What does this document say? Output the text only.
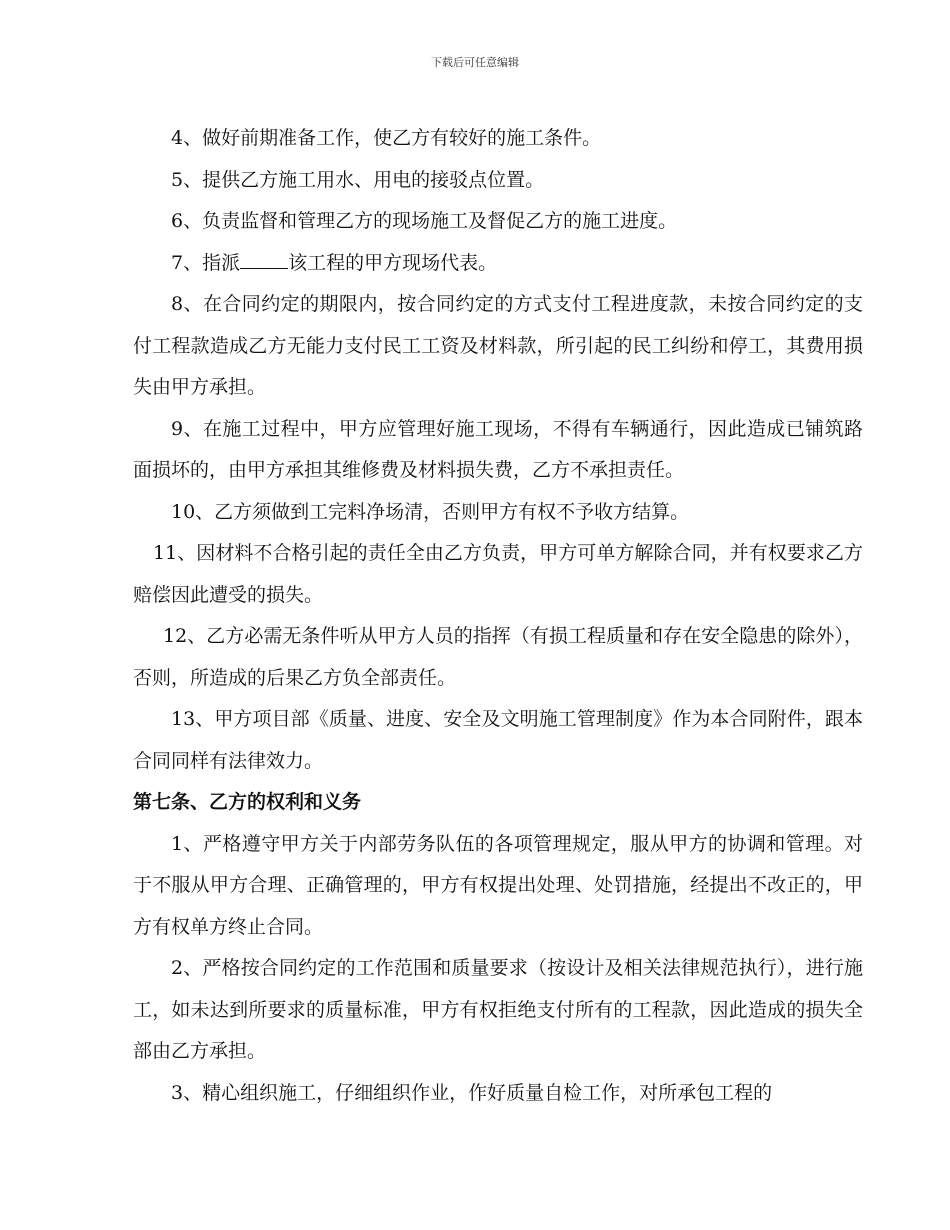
下载后可任意编辑

4、做好前期准备工作，使乙方有较好的施工条件。

5、提供乙方施工用水、用电的接驳点位置。

6、负责监督和管理乙方的现场施工及督促乙方的施工进度。

7、指派	该工程的甲方现场代表。

8、在合同约定的期限内，按合同约定的方式支付工程进度款，未按合同约定的支付工程款造成乙方无能力支付民工工资及材料款，所引起的民工纠纷和停工，其费用损失由甲方承担。

9、在施工过程中，甲方应管理好施工现场，不得有车辆通行，因此造成已铺筑路面损坏的，由甲方承担其维修费及材料损失费，乙方不承担责任。

10、乙方须做到工完料净场清，否则甲方有权不予收方结算。

11、因材料不合格引起的责任全由乙方负责，甲方可单方解除合同，并有权要求乙方赔偿因此遭受的损失。

12、乙方必需无条件听从甲方人员的指挥（有损工程质量和存在安全隐患的除外），否则，所造成的后果乙方负全部责任。

13、甲方项目部《质量、进度、安全及文明施工管理制度》作为本合同附件，跟本合同同样有法律效力。

第七条、乙方的权利和义务

1、严格遵守甲方关于内部劳务队伍的各项管理规定，服从甲方的协调和管理。对于不服从甲方合理、正确管理的，甲方有权提出处理、处罚措施，经提出不改正的，甲方有权单方终止合同。

2、严格按合同约定的工作范围和质量要求（按设计及相关法律规范执行），进行施工，如未达到所要求的质量标准，甲方有权拒绝支付所有的工程款，因此造成的损失全部由乙方承担。

3、精心组织施工，仔细组织作业，作好质量自检工作，对所承包工程的
